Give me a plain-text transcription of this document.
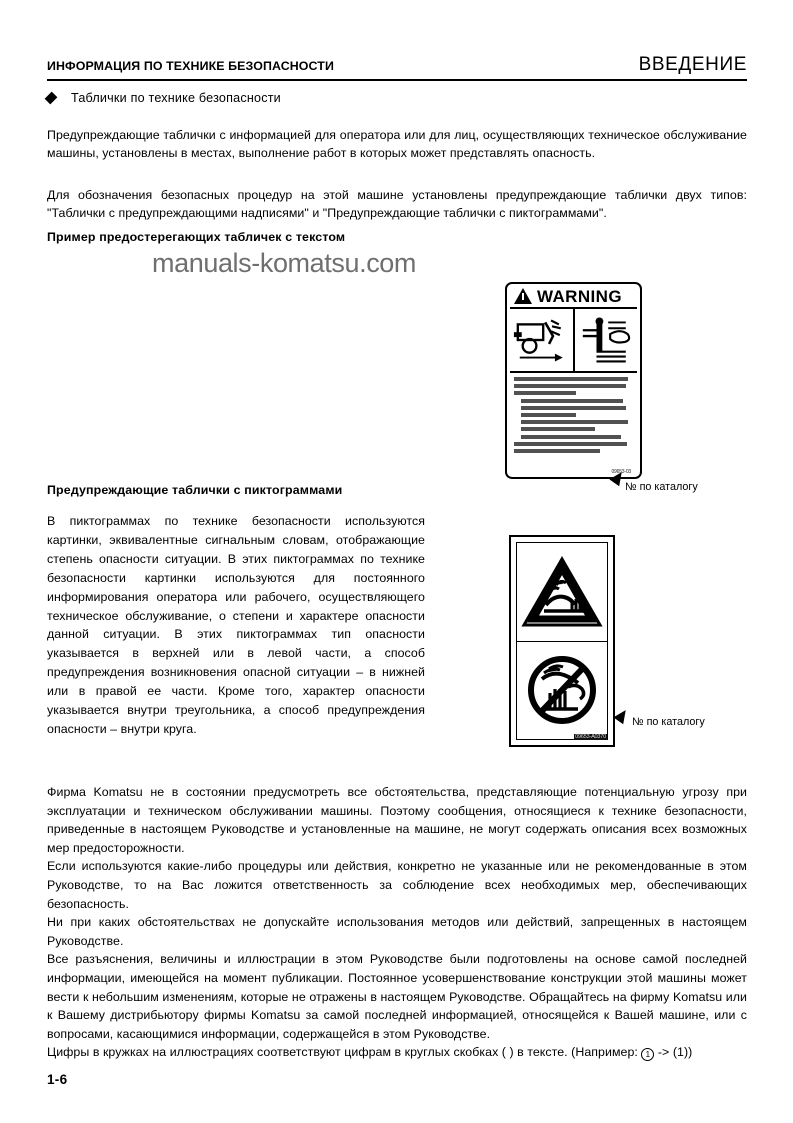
ИНФОРМАЦИЯ ПО ТЕХНИКЕ БЕЗОПАСНОСТИ	ВВЕДЕНИЕ
Таблички по технике безопасности
Предупреждающие таблички с информацией для оператора или для лиц, осуществляющих техническое обслуживание машины, установлены в местах, выполнение работ в которых может представлять опасность.
Для обозначения безопасных процедур на этой машине установлены предупреждающие таблички двух типов: "Таблички с предупреждающими надписями" и "Предупреждающие таблички с пиктограммами".
Пример предостерегающих табличек с текстом
manuals-komatsu.com
Предупреждающие таблички с пиктограммами
В пиктограммах по технике безопасности используются картинки, эквивалентные сигнальным словам, отображающие степень опасности ситуации. В этих пиктограммах по технике безопасности картинки используются для постоянного информирования оператора или рабочего, осуществляющего техническое обслуживание, о степени и характере опасности данной ситуации. В этих пиктограммах тип опасности указывается в верхней или в левой части, а способ предупреждения возникновения опасной ситуации – в нижней или в правой ее части. Кроме того, характер опасности указывается внутри треугольника, а способ предупреждения опасности – внутри круга.
WARNING
09653-03
№ по каталогу
09653-A0370
№ по каталогу
Фирма Komatsu не в состоянии предусмотреть все обстоятельства, представляющие потенциальную угрозу при эксплуатации и техническом обслуживании машины. Поэтому сообщения, относящиеся к технике безопасности, приведенные в настоящем Руководстве и установленные на машине, не могут содержать описания всех возможных мер предосторожности.
Если используются какие-либо процедуры или действия, конкретно не указанные или не рекомендованные в этом Руководстве, то на Вас ложится ответственность за соблюдение всех необходимых мер, обеспечивающих безопасность.
Ни при каких обстоятельствах не допускайте использования методов или действий, запрещенных в настоящем Руководстве.
Все разъяснения, величины и иллюстрации в этом Руководстве были подготовлены на основе самой последней информации, имеющейся на момент публикации. Постоянное усовершенствование конструкции этой машины может вести к небольшим изменениям, которые не отражены в настоящем Руководстве. Обращайтесь на фирму Komatsu или к Вашему дистрибьютору фирмы Komatsu за самой последней информацией, относящейся к Вашей машине, или с вопросами, касающимися информации, содержащейся в этом Руководстве.
Цифры в кружках на иллюстрациях соответствуют цифрам в круглых скобках ( ) в тексте. (Например: 1 -> (1))
1-6
